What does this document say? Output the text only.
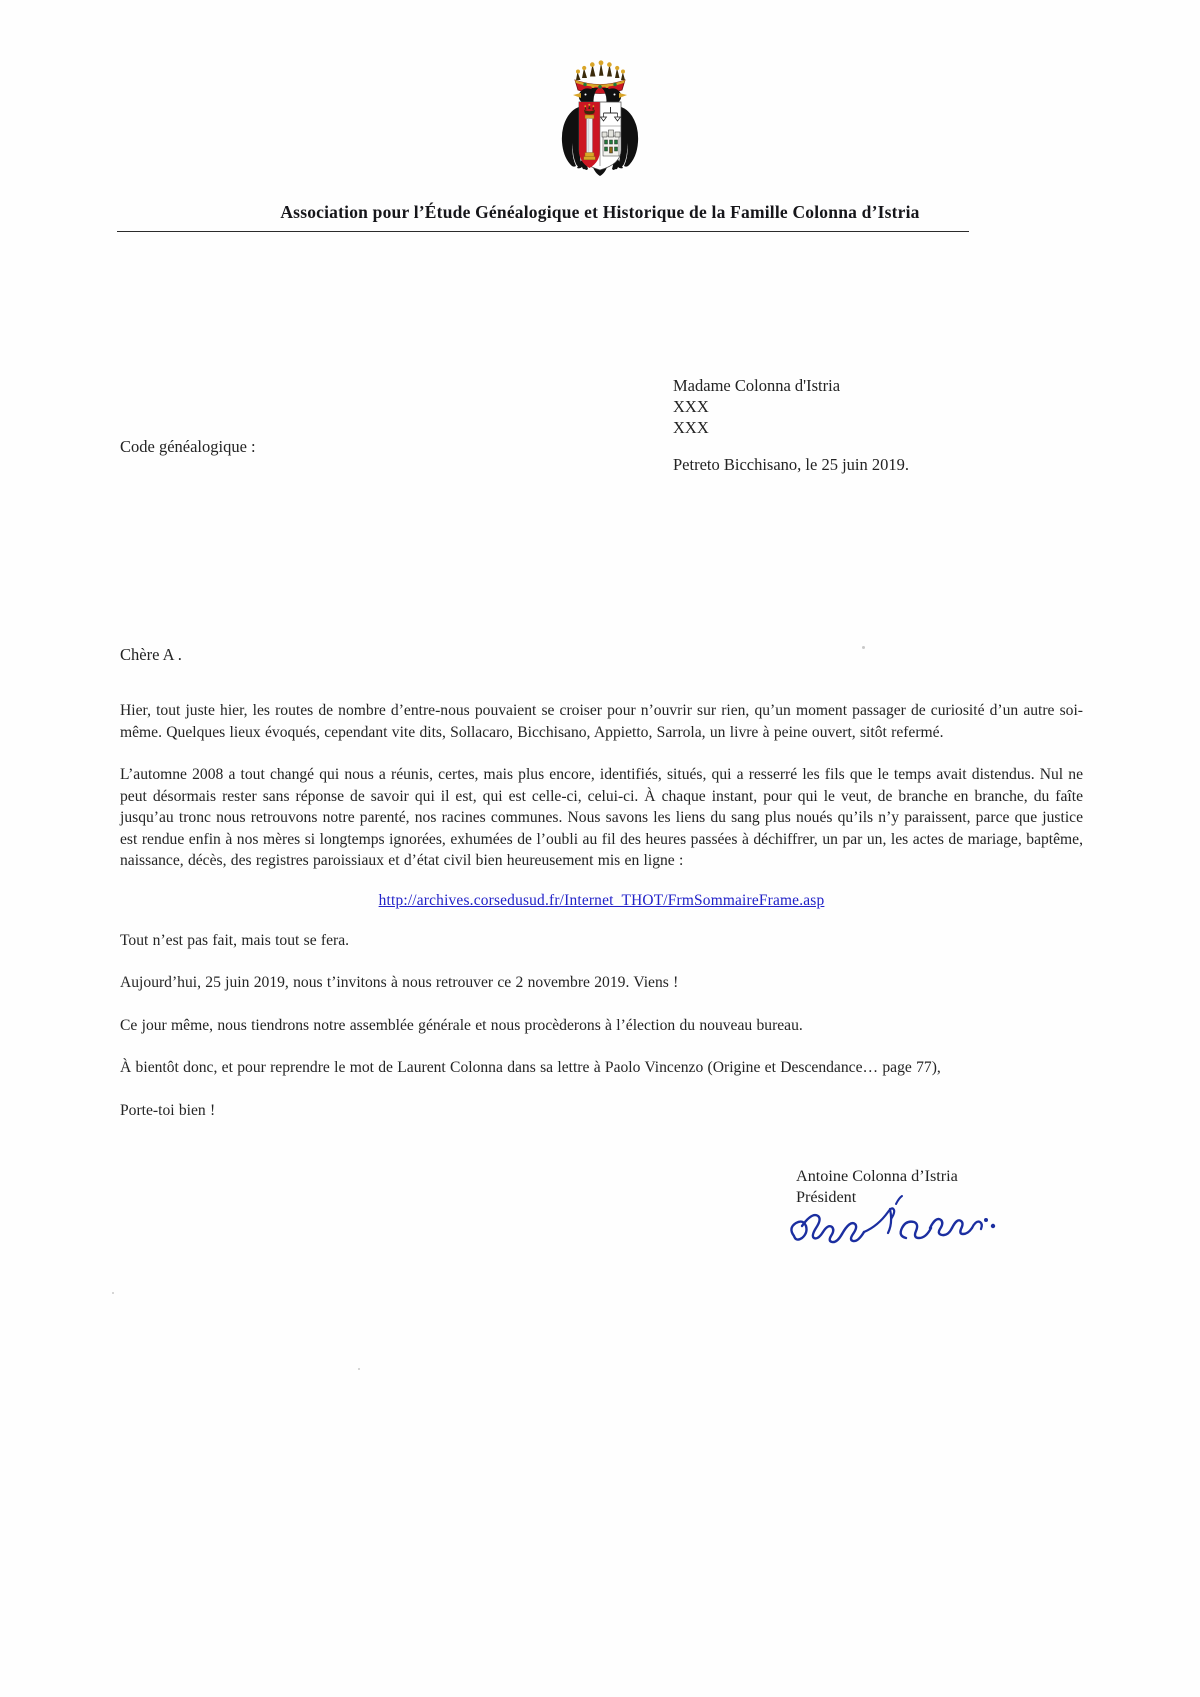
Association pour l’Étude Généalogique et Historique de la Famille Colonna d’Istria
Madame Colonna d'Istria
XXX
XXX
Code généalogique :
Petreto Bicchisano, le 25 juin 2019.
Chère A .

Hier, tout juste hier, les routes de nombre d’entre-nous pouvaient se croiser pour n’ouvrir sur rien, qu’un moment passager de curiosité d’un autre soi-même. Quelques lieux évoqués, cependant vite dits, Sollacaro, Bicchisano, Appietto, Sarrola, un livre à peine ouvert, sitôt refermé.

L’automne 2008 a tout changé qui nous a réunis, certes, mais plus encore, identifiés, situés, qui a resserré les fils que le temps avait distendus. Nul ne peut désormais rester sans réponse de savoir qui il est, qui est celle-ci, celui-ci. À chaque instant, pour qui le veut, de branche en branche, du faîte jusqu’au tronc nous retrouvons notre parenté, nos racines communes. Nous savons les liens du sang plus noués qu’ils n’y paraissent, parce que justice est rendue enfin à nos mères si longtemps ignorées, exhumées de l’oubli au fil des heures passées à déchiffrer, un par un, les actes de mariage, baptême, naissance, décès, des registres paroissiaux et d’état civil bien heureusement mis en ligne :

http://archives.corsedusud.fr/Internet_THOT/FrmSommaireFrame.asp

Tout n’est pas fait, mais tout se fera.

Aujourd’hui, 25 juin 2019, nous t’invitons à nous retrouver ce 2 novembre 2019. Viens !

Ce jour même, nous tiendrons notre assemblée générale et nous procèderons à l’élection du nouveau bureau.

À bientôt donc, et pour reprendre le mot de Laurent Colonna dans sa lettre à Paolo Vincenzo (Origine et Descendance… page 77),

Porte-toi bien !

Antoine Colonna d’Istria
Président
